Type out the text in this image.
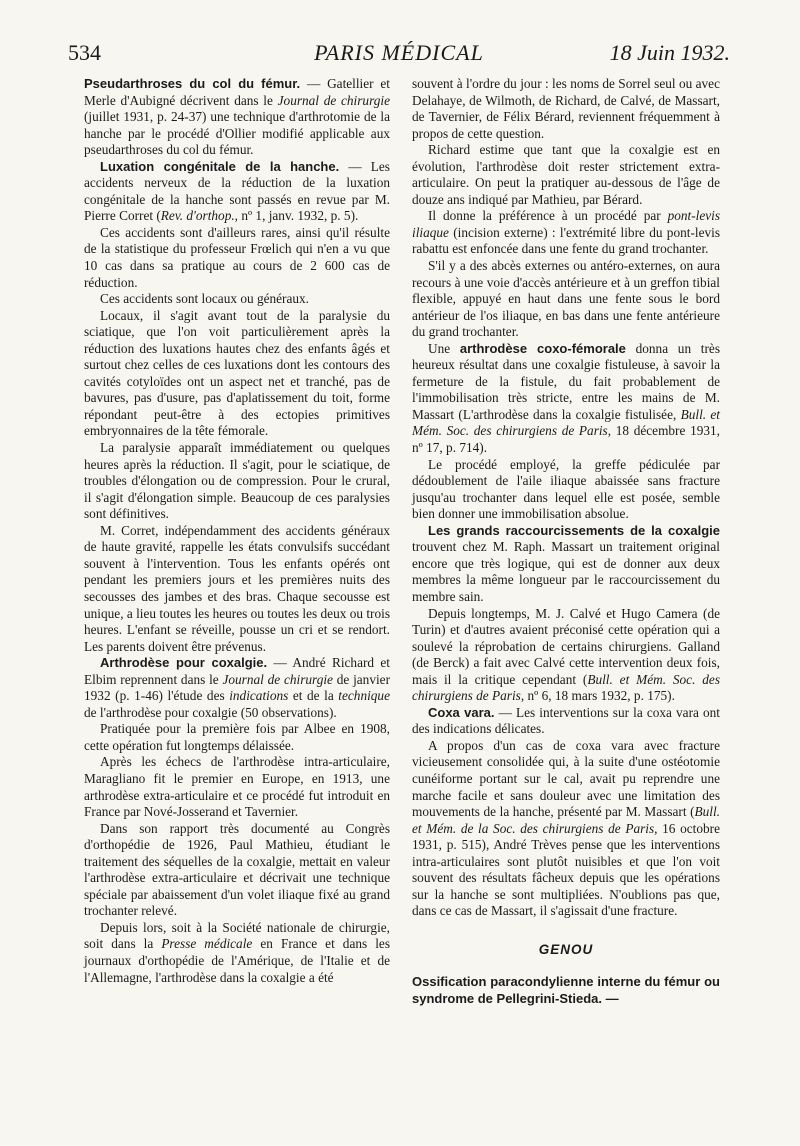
534	PARIS MÉDICAL	18 Juin 1932.

Pseudarthroses du col du fémur. — Gatellier et Merle d'Aubigné décrivent dans le Journal de chirurgie (juillet 1931, p. 24-37) une technique d'arthrotomie de la hanche par le procédé d'Ollier modifié applicable aux pseudarthroses du col du fémur.

Luxation congénitale de la hanche. — Les accidents nerveux de la réduction de la luxation congénitale de la hanche sont passés en revue par M. Pierre Corret (Rev. d'orthop., nº 1, janv. 1932, p. 5).

Ces accidents sont d'ailleurs rares, ainsi qu'il résulte de la statistique du professeur Frœlich qui n'en a vu que 10 cas dans sa pratique au cours de 2 600 cas de réduction.

Ces accidents sont locaux ou généraux.

Locaux, il s'agit avant tout de la paralysie du sciatique, que l'on voit particulièrement après la réduction des luxations hautes chez des enfants âgés et surtout chez celles de ces luxations dont les contours des cavités cotyloïdes ont un aspect net et tranché, pas de bavures, pas d'usure, pas d'aplatissement du toit, forme répondant peut-être à des ectopies primitives embryonnaires de la tête fémorale.

La paralysie apparaît immédiatement ou quelques heures après la réduction. Il s'agit, pour le sciatique, de troubles d'élongation ou de compression. Pour le crural, il s'agit d'élongation simple. Beaucoup de ces paralysies sont définitives.

M. Corret, indépendamment des accidents généraux de haute gravité, rappelle les états convulsifs succédant souvent à l'intervention. Tous les enfants opérés ont pendant les premiers jours et les premières nuits des secousses des jambes et des bras. Chaque secousse est unique, a lieu toutes les heures ou toutes les deux ou trois heures. L'enfant se réveille, pousse un cri et se rendort. Les parents doivent être prévenus.

Arthrodèse pour coxalgie. — André Richard et Elbim reprennent dans le Journal de chirurgie de janvier 1932 (p. 1-46) l'étude des indications et de la technique de l'arthrodèse pour coxalgie (50 observations).

Pratiquée pour la première fois par Albee en 1908, cette opération fut longtemps délaissée.

Après les échecs de l'arthrodèse intra-articulaire, Maragliano fit le premier en Europe, en 1913, une arthrodèse extra-articulaire et ce procédé fut introduit en France par Nové-Josserand et Tavernier.

Dans son rapport très documenté au Congrès d'orthopédie de 1926, Paul Mathieu, étudiant le traitement des séquelles de la coxalgie, mettait en valeur l'arthrodèse extra-articulaire et décrivait une technique spéciale par abaissement d'un volet iliaque fixé au grand trochanter relevé.

Depuis lors, soit à la Société nationale de chirurgie, soit dans la Presse médicale en France et dans les journaux d'orthopédie de l'Amérique, de l'Italie et de l'Allemagne, l'arthrodèse dans la coxalgie a été

souvent à l'ordre du jour : les noms de Sorrel seul ou avec Delahaye, de Wilmoth, de Richard, de Calvé, de Massart, de Tavernier, de Félix Bérard, reviennent fréquemment à propos de cette question.

Richard estime que tant que la coxalgie est en évolution, l'arthrodèse doit rester strictement extra-articulaire. On peut la pratiquer au-dessous de l'âge de douze ans indiqué par Mathieu, par Bérard.

Il donne la préférence à un procédé par pont-levis iliaque (incision externe) : l'extrémité libre du pont-levis rabattu est enfoncée dans une fente du grand trochanter.

S'il y a des abcès externes ou antéro-externes, on aura recours à une voie d'accès antérieure et à un greffon tibial flexible, appuyé en haut dans une fente sous le bord antérieur de l'os iliaque, en bas dans une fente antérieure du grand trochanter.

Une arthrodèse coxo-fémorale donna un très heureux résultat dans une coxalgie fistuleuse, à savoir la fermeture de la fistule, du fait probablement de l'immobilisation très stricte, entre les mains de M. Massart (L'arthrodèse dans la coxalgie fistulisée, Bull. et Mém. Soc. des chirurgiens de Paris, 18 décembre 1931, nº 17, p. 714).

Le procédé employé, la greffe pédiculée par dédoublement de l'aile iliaque abaissée sans fracture jusqu'au trochanter dans lequel elle est posée, semble bien donner une immobilisation absolue.

Les grands raccourcissements de la coxalgie trouvent chez M. Raph. Massart un traitement original encore que très logique, qui est de donner aux deux membres la même longueur par le raccourcissement du membre sain.

Depuis longtemps, M. J. Calvé et Hugo Camera (de Turin) et d'autres avaient préconisé cette opération qui a soulevé la réprobation de certains chirurgiens. Galland (de Berck) a fait avec Calvé cette intervention deux fois, mais il la critique cependant (Bull. et Mém. Soc. des chirurgiens de Paris, nº 6, 18 mars 1932, p. 175).

Coxa vara. — Les interventions sur la coxa vara ont des indications délicates.

A propos d'un cas de coxa vara avec fracture vicieusement consolidée qui, à la suite d'une ostéotomie cunéiforme portant sur le cal, avait pu reprendre une marche facile et sans douleur avec une limitation des mouvements de la hanche, présenté par M. Massart (Bull. et Mém. de la Soc. des chirurgiens de Paris, 16 octobre 1931, p. 515), André Trèves pense que les interventions intra-articulaires sont plutôt nuisibles et que l'on voit souvent des résultats fâcheux depuis que les opérations sur la hanche se sont multipliées. N'oublions pas que, dans ce cas de Massart, il s'agissait d'une fracture.

GENOU

Ossification paracondylienne interne du fémur ou syndrome de Pellegrini-Stieda. —
